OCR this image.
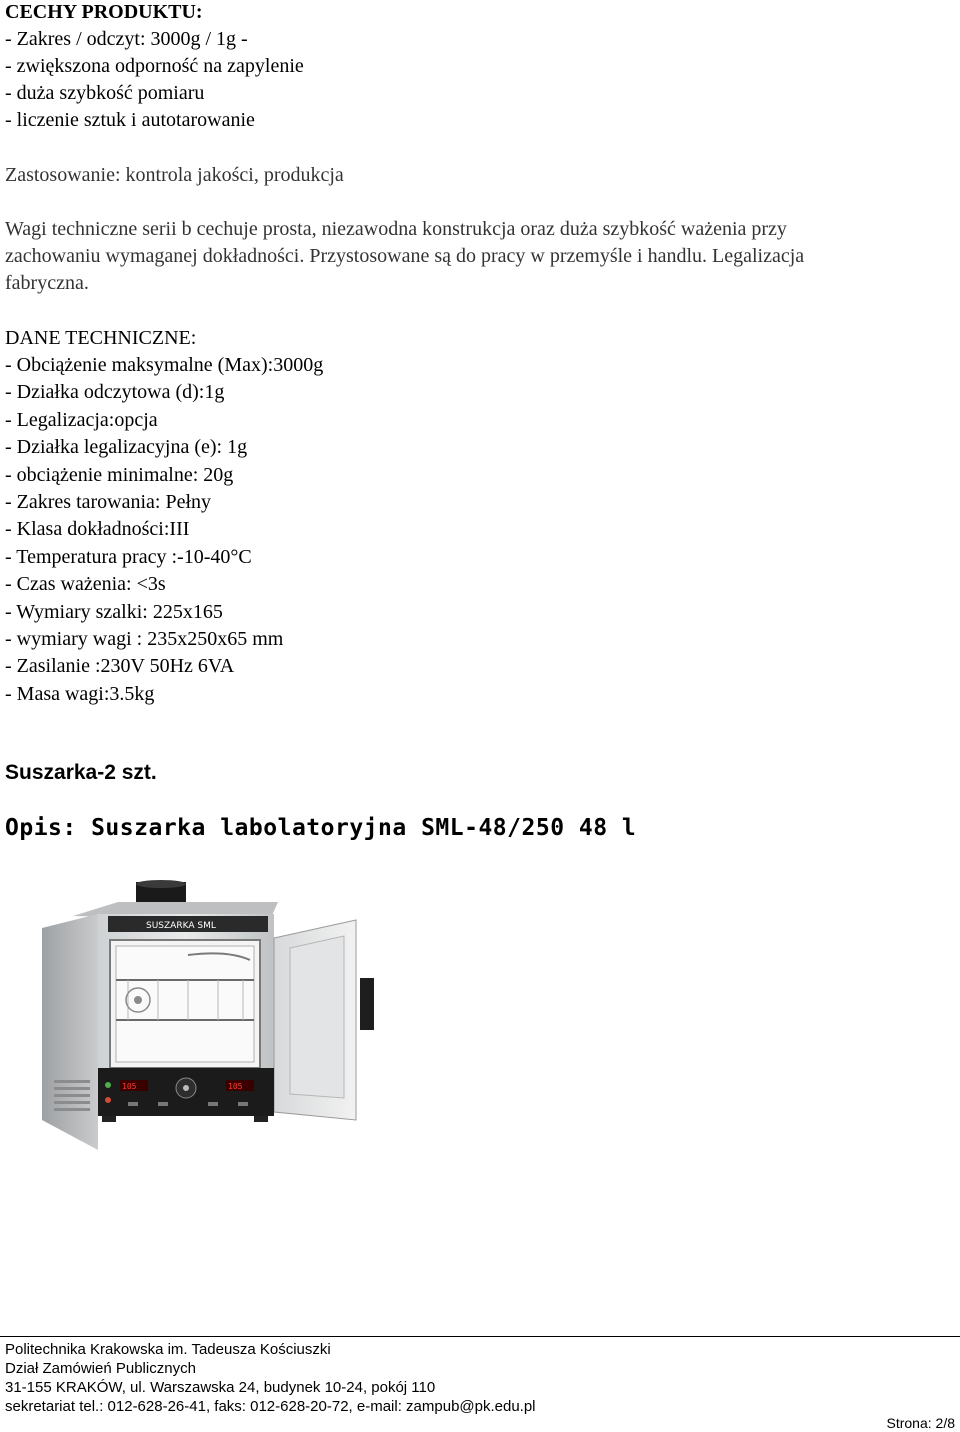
CECHY PRODUKTU:
- Zakres / odczyt: 3000g / 1g -
- zwiększona odporność na zapylenie
- duża szybkość pomiaru
- liczenie sztuk i autotarowanie
Zastosowanie: kontrola jakości, produkcja
Wagi techniczne serii b cechuje prosta, niezawodna konstrukcja oraz duża szybkość ważenia przy
zachowaniu wymaganej dokładności. Przystosowane są do pracy w przemyśle i handlu. Legalizacja
fabryczna.
DANE TECHNICZNE:
- Obciążenie maksymalne (Max):3000g
- Działka odczytowa (d):1g
- Legalizacja:opcja
- Działka legalizacyjna (e): 1g
- obciążenie minimalne: 20g
- Zakres tarowania: Pełny
- Klasa dokładności:III
- Temperatura pracy :-10-40°C
- Czas ważenia: <3s
- Wymiary szalki: 225x165
- wymiary wagi : 235x250x65 mm
- Zasilanie :230V 50Hz 6VA
- Masa wagi:3.5kg
Suszarka-2 szt.
Opis: Suszarka labolatoryjna SML-48/250 48 l
SUSZARKA SML
105	105
Politechnika Krakowska im. Tadeusza Kościuszki
Dział Zamówień Publicznych
31-155 KRAKÓW, ul. Warszawska 24, budynek 10-24, pokój 110
sekretariat tel.: 012-628-26-41, faks: 012-628-20-72, e-mail: zampub@pk.edu.pl
Strona: 2/8
